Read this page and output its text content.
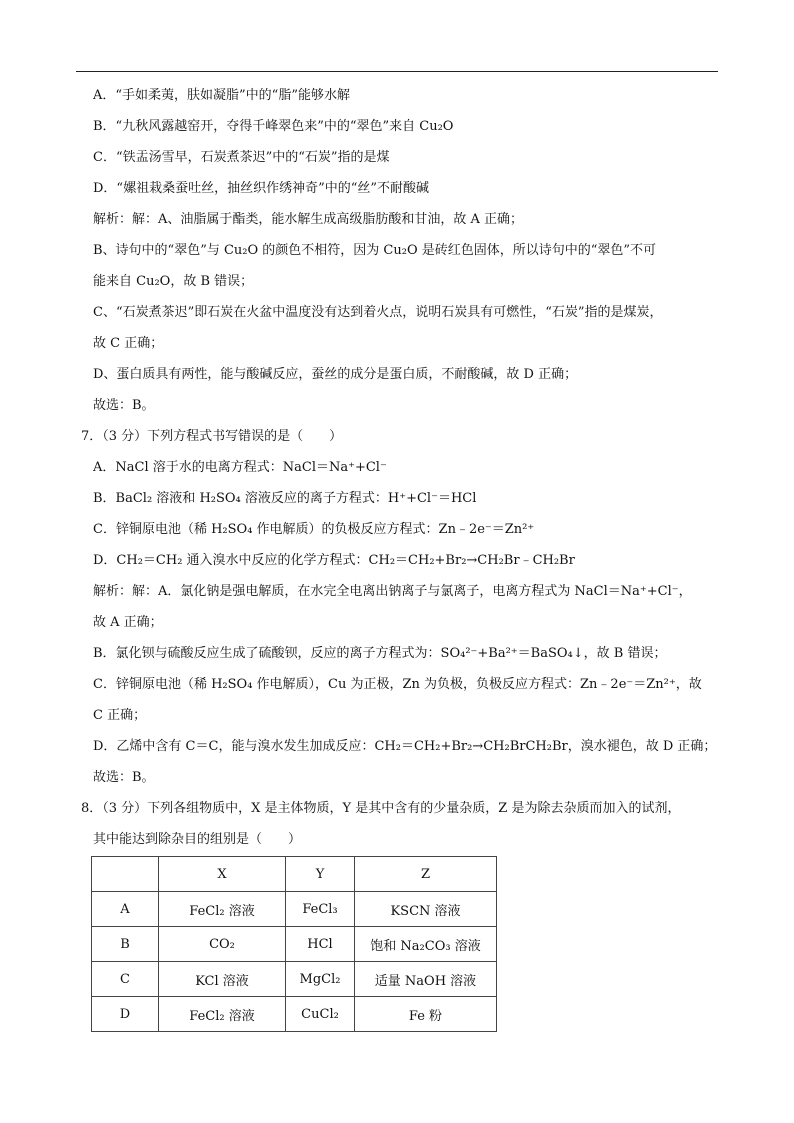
A．“手如柔荑，肤如凝脂”中的“脂”能够水解
B．“九秋风露越窑开，夺得千峰翠色来”中的“翠色”来自 Cu₂O
C．“铁盂汤雪早，石炭煮茶迟”中的“石炭”指的是煤
D．“嫘祖栽桑蚕吐丝，抽丝织作绣神奇”中的“丝”不耐酸碱
解析：解：A、油脂属于酯类，能水解生成高级脂肪酸和甘油，故 A 正确；
B、诗句中的“翠色”与 Cu₂O 的颜色不相符，因为 Cu₂O 是砖红色固体，所以诗句中的“翠色”不可
能来自 Cu₂O，故 B 错误；
C、“石炭煮茶迟”即石炭在火盆中温度没有达到着火点，说明石炭具有可燃性，“石炭”指的是煤炭，
故 C 正确；
D、蛋白质具有两性，能与酸碱反应，蚕丝的成分是蛋白质，不耐酸碱，故 D 正确；
故选：B。
7．（3 分）下列方程式书写错误的是（　　）
A．NaCl 溶于水的电离方程式：NaCl＝Na⁺+Cl⁻
B．BaCl₂ 溶液和 H₂SO₄ 溶液反应的离子方程式：H⁺+Cl⁻＝HCl
C．锌铜原电池（稀 H₂SO₄ 作电解质）的负极反应方程式：Zn﹣2e⁻＝Zn²⁺
D．CH₂＝CH₂ 通入溴水中反应的化学方程式：CH₂＝CH₂+Br₂→CH₂Br﹣CH₂Br
解析：解：A．氯化钠是强电解质，在水完全电离出钠离子与氯离子，电离方程式为 NaCl＝Na⁺+Cl⁻，
故 A 正确；
B．氯化钡与硫酸反应生成了硫酸钡，反应的离子方程式为：SO₄²⁻+Ba²⁺＝BaSO₄↓，故 B 错误；
C．锌铜原电池（稀 H₂SO₄ 作电解质），Cu 为正极，Zn 为负极，负极反应方程式：Zn﹣2e⁻＝Zn²⁺，故
C 正确；
D．乙烯中含有 C＝C，能与溴水发生加成反应：CH₂＝CH₂+Br₂→CH₂BrCH₂Br，溴水褪色，故 D 正确；
故选：B。
8．（3 分）下列各组物质中，X 是主体物质，Y 是其中含有的少量杂质，Z 是为除去杂质而加入的试剂，
其中能达到除杂目的组别是（　　）
	X	Y	Z
A	FeCl₂ 溶液	FeCl₃	KSCN 溶液
B	CO₂	HCl	饱和 Na₂CO₃ 溶液
C	KCl 溶液	MgCl₂	适量 NaOH 溶液
D	FeCl₂ 溶液	CuCl₂	Fe 粉
